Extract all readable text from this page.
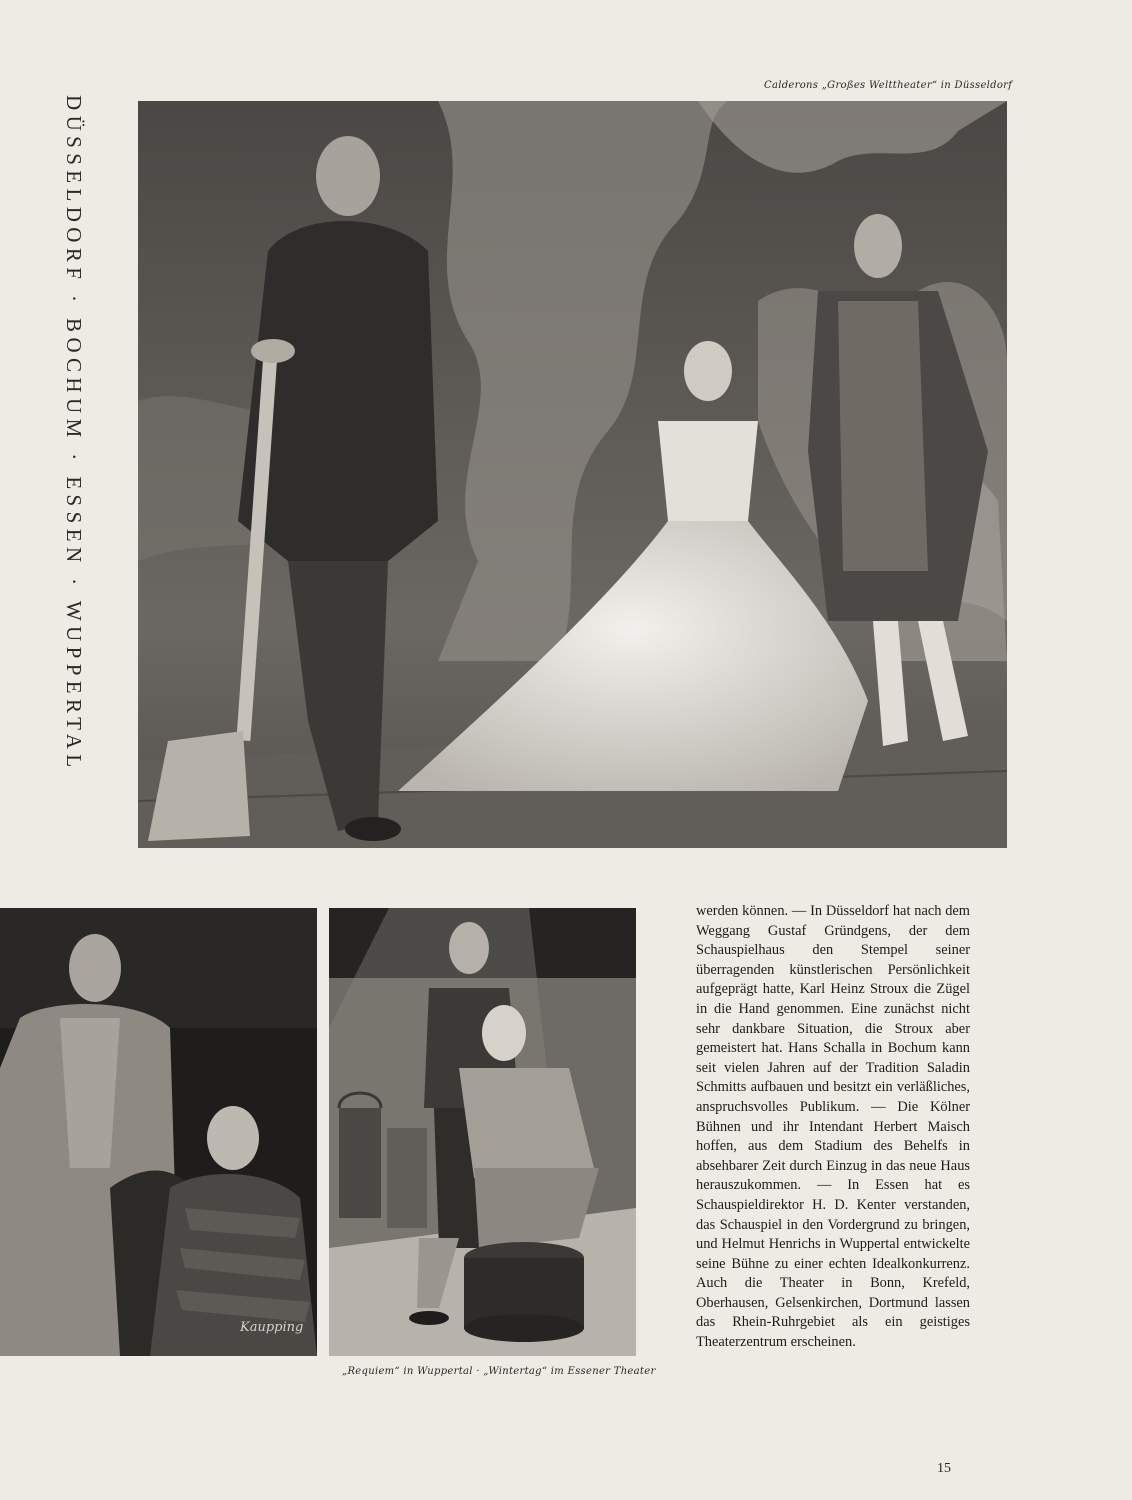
Calderons „Großes Welttheater“ in Düsseldorf
DÜSSELDORF · BOCHUM · ESSEN · WUPPERTAL
Kaupping
„Requiem“ in Wuppertal · „Wintertag“ im Essener Theater
werden können. — In Düsseldorf hat nach dem Weggang Gustaf Gründgens, der dem Schauspielhaus den Stempel seiner überragenden künstlerischen Persönlichkeit aufgeprägt hatte, Karl Heinz Stroux die Zügel in die Hand genommen. Eine zunächst nicht sehr dankbare Situation, die Stroux aber gemeistert hat. Hans Schalla in Bochum kann seit vielen Jahren auf der Tradition Saladin Schmitts aufbauen und besitzt ein verläßliches, anspruchsvolles Publikum. — Die Kölner Bühnen und ihr Intendant Herbert Maisch hoffen, aus dem Stadium des Behelfs in absehbarer Zeit durch Einzug in das neue Haus herauszukommen. — In Essen hat es Schauspieldirektor H. D. Kenter verstanden, das Schauspiel in den Vordergrund zu bringen, und Helmut Henrichs in Wuppertal entwickelte seine Bühne zu einer echten Idealkonkurrenz. Auch die Theater in Bonn, Krefeld, Oberhausen, Gelsenkirchen, Dortmund lassen das Rhein-Ruhrgebiet als ein geistiges Theaterzentrum erscheinen.
15
